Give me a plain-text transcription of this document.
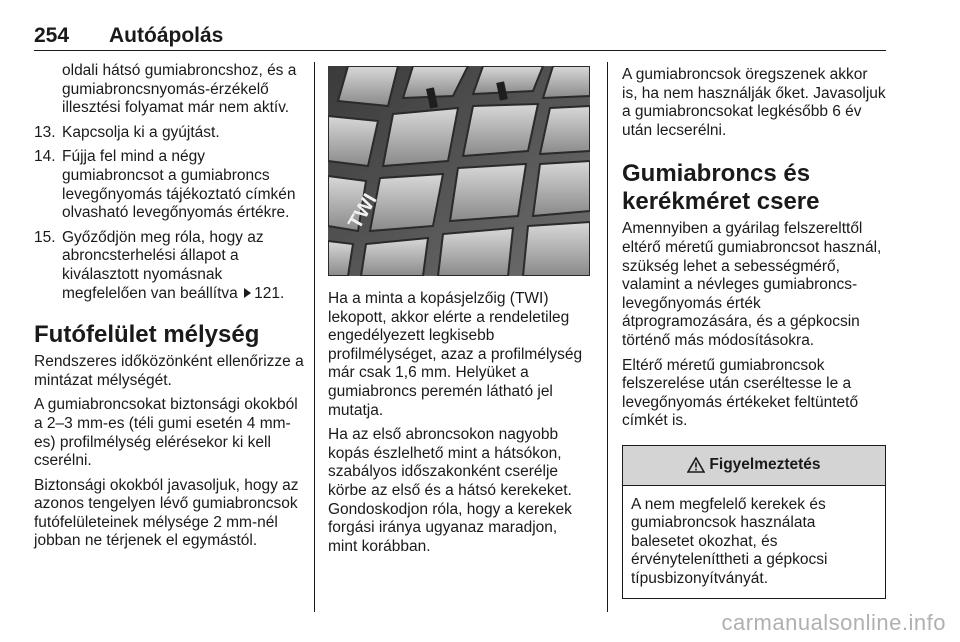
254 Autóápolás

oldali hátsó gumiabroncshoz, és a gumiabroncsnyomás-érzékelő illesztési folyamat már nem aktív.

13. Kapcsolja ki a gyújtást.
14. Fújja fel mind a négy gumiabroncsot a gumiabroncs levegőnyomás tájékoztató címkén olvasható levegőnyomás értékre.
15. Győződjön meg róla, hogy az abroncsterhelési állapot a kiválasztott nyomásnak megfelelően van beállítva 121.
Futófelület mélység

Rendszeres időközönként ellenőrizze a mintázat mélységét.

A gumiabroncsokat biztonsági okokból a 2–3 mm-es (téli gumi esetén 4 mm-es) profilmélység elérésekor ki kell cserélni.

Biztonsági okokból javasoljuk, hogy az azonos tengelyen lévő gumiabroncsok futófelületeinek mélysége 2 mm-nél jobban ne térjenek el egymástól.

TWI

Ha a minta a kopásjelzőig (TWI) lekopott, akkor elérte a rendeletileg engedélyezett legkisebb profilmélységet, azaz a profilmélység már csak 1,6 mm. Helyüket a gumiabroncs peremén látható jel mutatja.

Ha az első abroncsokon nagyobb kopás észlelhető mint a hátsókon, szabályos időszakonként cserélje körbe az első és a hátsó kerekeket. Gondoskodjon róla, hogy a kerekek forgási iránya ugyanaz maradjon, mint korábban.

A gumiabroncsok öregszenek akkor is, ha nem használják őket. Javasoljuk a gumiabroncsokat legkésőbb 6 év után lecserélni.

Gumiabroncs és kerékméret csere

Amennyiben a gyárilag felszerelttől eltérő méretű gumiabroncsot használ, szükség lehet a sebességmérő, valamint a névleges gumiabroncs-levegőnyomás érték átprogramozására, és a gépkocsin történő más módosításokra.

Eltérő méretű gumiabroncsok felszerelése után cseréltesse le a levegőnyomás értékeket feltüntető címkét is.

Figyelmeztetés
A nem megfelelő kerekek és gumiabroncsok használata balesetet okozhat, és érvényteleníttheti a gépkocsi típusbizonyítványát.
carmanualsonline.info
